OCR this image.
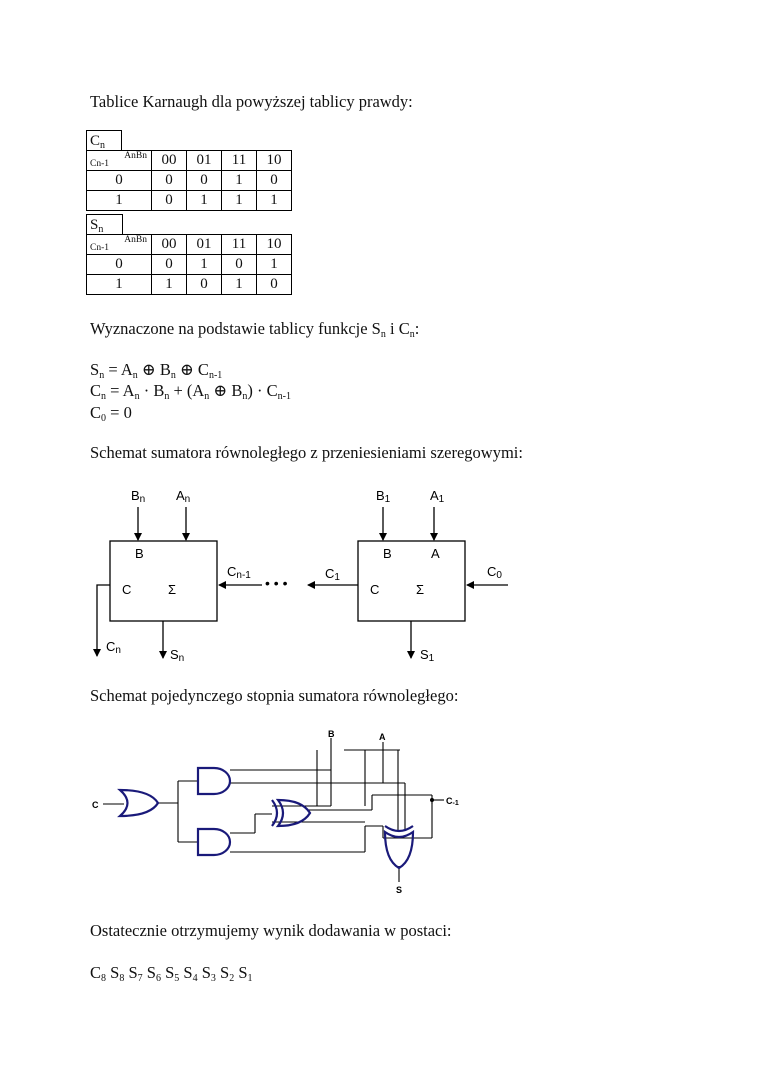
Tablice Karnaugh dla powyższej tablicy prawdy:
$C_n$
Cn-1
AnBn	00	01	11	10
0	0	0	1	0
1	0	1	1	1
$S_n$
Cn-1
AnBn	00	01	11	10
0	0	1	0	1
1	1	0	1	0
Wyznaczone na podstawie tablicy funkcje $S_n$ i $C_n$:
$S_n = A_n$ ⊕ $B_n$ ⊕ $C_{n-1}$
$C_n = A_n \cdot B_n + (A_n$ ⊕ $B_n) \cdot C_{n-1}$
$C_0 = 0$
Schemat sumatora równoległego z przeniesieniami szeregowymi:
B
C	Σ
Bn An
Cn-1
Cn	Sn
• • •
B	A
C	Σ
B1	A1
C1	C0
S1
B	A
C	C-1
S
Schemat pojedynczego stopnia sumatora równoległego:
Ostatecznie otrzymujemy wynik dodawania w postaci:
$C_8$ $S_8$ $S_7$ $S_6$ $S_5$ $S_4$ $S_3$ $S_2$ $S_1$
